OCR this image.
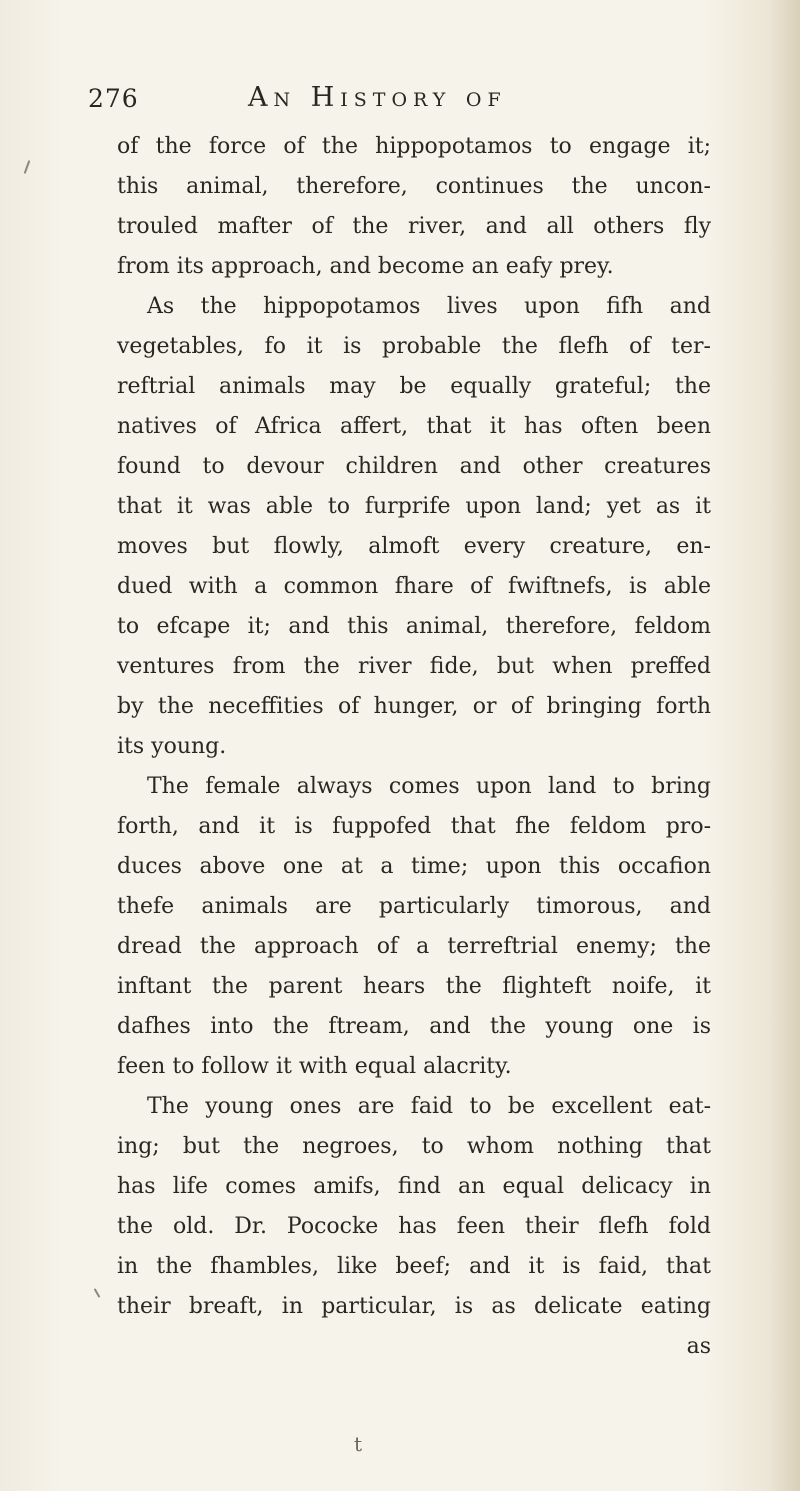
276	An History of
of the force of the hippopotamos to engage it;
this animal, therefore, continues the uncon-
trouled mafter of the river, and all others fly
from its approach, and become an eafy prey.
As the hippopotamos lives upon fifh and
vegetables, fo it is probable the flefh of ter-
reftrial animals may be equally grateful; the
natives of Africa affert, that it has often been
found to devour children and other creatures
that it was able to furprife upon land; yet as it
moves but flowly, almoft every creature, en-
dued with a common fhare of fwiftnefs, is able
to efcape it; and this animal, therefore, feldom
ventures from the river fide, but when preffed
by the neceffities of hunger, or of bringing forth
its young.
The female always comes upon land to bring
forth, and it is fuppofed that fhe feldom pro-
duces above one at a time; upon this occafion
thefe animals are particularly timorous, and
dread the approach of a terreftrial enemy; the
inftant the parent hears the flighteft noife, it
dafhes into the ftream, and the young one is
feen to follow it with equal alacrity.
The young ones are faid to be excellent eat-
ing; but the negroes, to whom nothing that
has life comes amifs, find an equal delicacy in
the old. Dr. Pococke has feen their flefh fold
in the fhambles, like beef; and it is faid, that
their breaft, in particular, is as delicate eating
as
t
